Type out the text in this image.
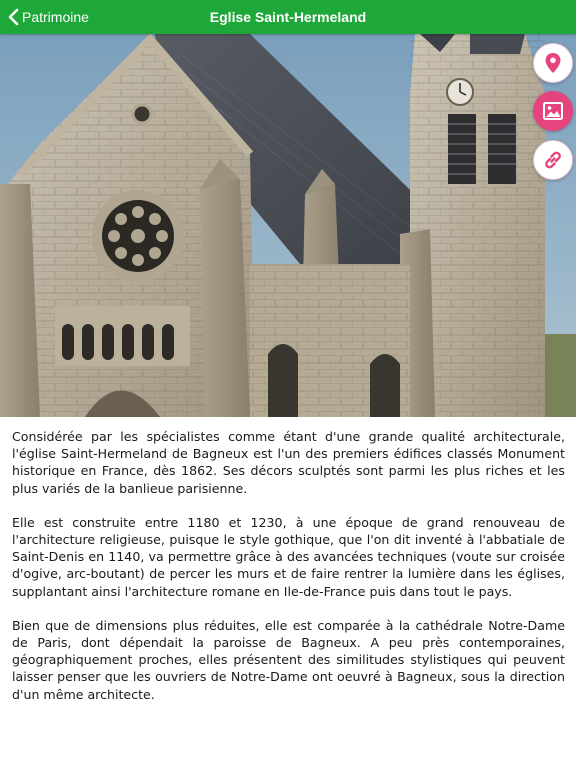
Patrimoine	Eglise Saint-Hermeland

Considérée par les spécialistes comme étant d'une grande qualité architecturale, l'église Saint-Hermeland de Bagneux est l'un des premiers édifices classés Monument historique en France, dès 1862. Ses décors sculptés sont parmi les plus riches et les plus variés de la banlieue parisienne.

Elle est construite entre 1180 et 1230, à une époque de grand renouveau de l'architecture religieuse, puisque le style gothique, que l'on dit inventé à l'abbatiale de Saint-Denis en 1140, va permettre grâce à des avancées techniques (voute sur croisée d'ogive, arc-boutant) de percer les murs et de faire rentrer la lumière dans les églises, supplantant ainsi l'architecture romane en Ile-de-France puis dans tout le pays.

Bien que de dimensions plus réduites, elle est comparée à la cathédrale Notre-Dame de Paris, dont dépendait la paroisse de Bagneux. A peu près contemporaines, géographiquement proches, elles présentent des similitudes stylistiques qui peuvent laisser penser que les ouvriers de Notre-Dame ont oeuvré à Bagneux, sous la direction d'un même architecte.
